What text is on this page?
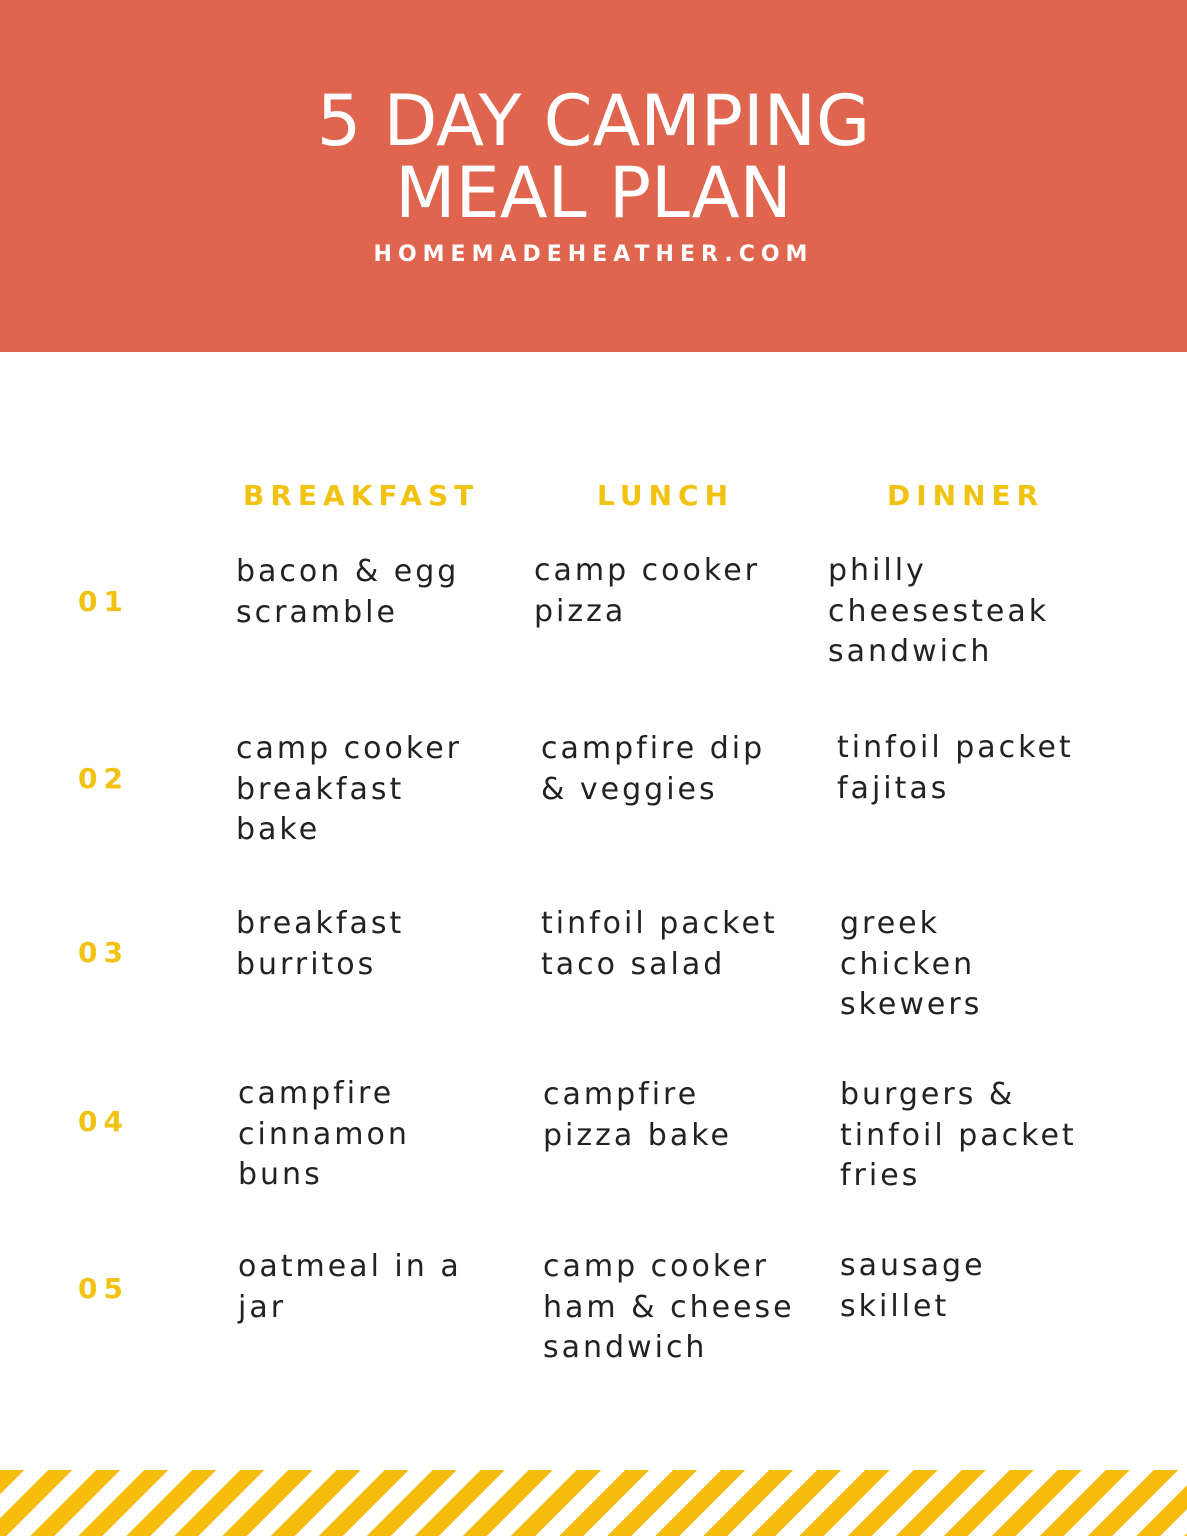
5 DAY CAMPING
MEAL PLAN
HOMEMADEHEATHER.COM
BREAKFAST	LUNCH	DINNER
01
bacon & egg
scramble
camp cooker
pizza
philly
cheesesteak
sandwich
02
camp cooker
breakfast
bake
campfire dip
& veggies
tinfoil packet
fajitas
03
breakfast
burritos
tinfoil packet
taco salad
greek
chicken
skewers
04
campfire
cinnamon
buns
campfire
pizza bake
burgers &
tinfoil packet
fries
05
oatmeal in a
jar
camp cooker
ham & cheese
sandwich
sausage
skillet
